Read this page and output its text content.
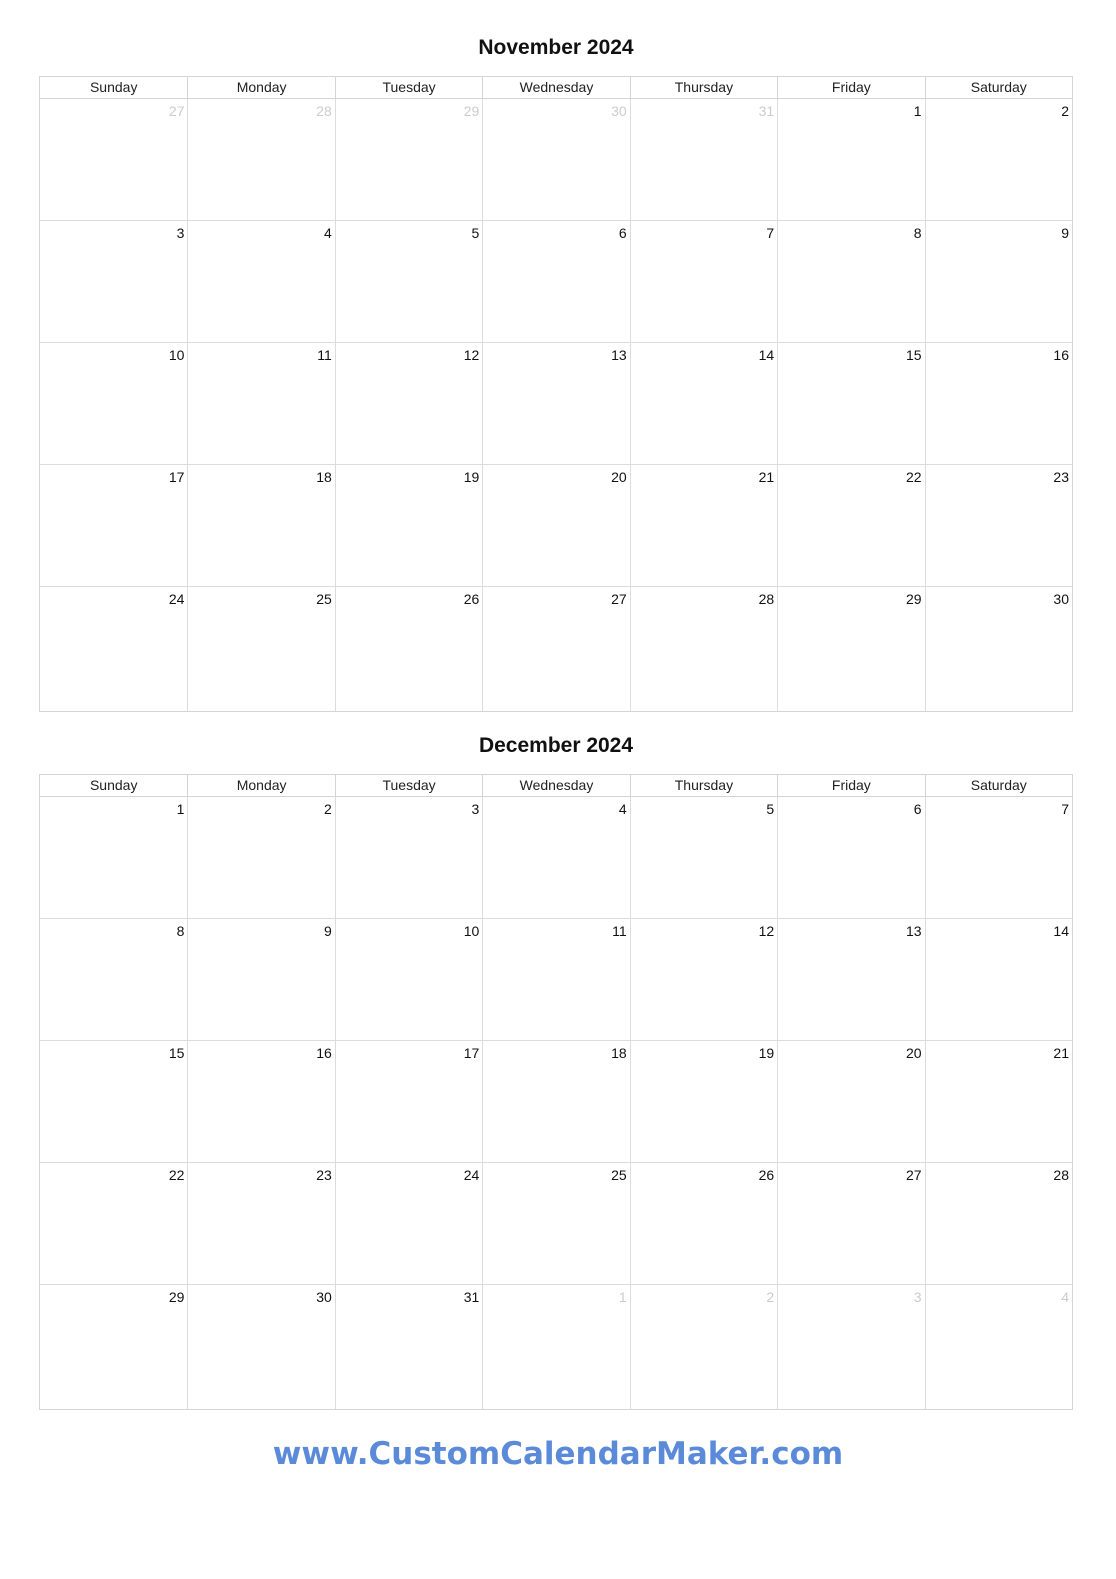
November 2024
Sunday	Monday	Tuesday	Wednesday	Thursday	Friday	Saturday
27	28	29	30	31	1	2
3	4	5	6	7	8	9
10	11	12	13	14	15	16
17	18	19	20	21	22	23
24	25	26	27	28	29	30
December 2024
Sunday	Monday	Tuesday	Wednesday	Thursday	Friday	Saturday
1	2	3	4	5	6	7
8	9	10	11	12	13	14
15	16	17	18	19	20	21
22	23	24	25	26	27	28
29	30	31	1	2	3	4
www.CustomCalendarMaker.com
